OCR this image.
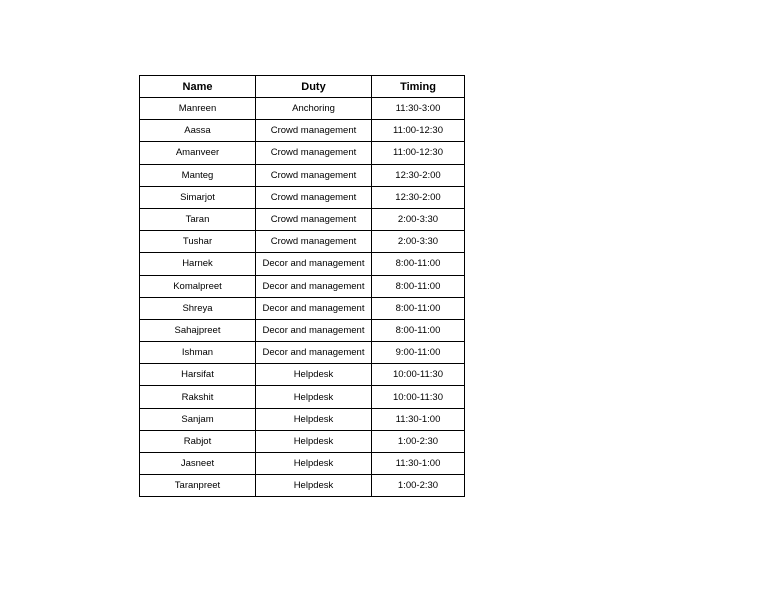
Name	Duty	Timing
Manreen	Anchoring	11:30-3:00
Aassa	Crowd management	11:00-12:30
Amanveer	Crowd management	11:00-12:30
Manteg	Crowd management	12:30-2:00
Simarjot	Crowd management	12:30-2:00
Taran	Crowd management	2:00-3:30
Tushar	Crowd management	2:00-3:30
Harnek	Decor and management	8:00-11:00
Komalpreet	Decor and management	8:00-11:00
Shreya	Decor and management	8:00-11:00
Sahajpreet	Decor and management	8:00-11:00
Ishman	Decor and management	9:00-11:00
Harsifat	Helpdesk	10:00-11:30
Rakshit	Helpdesk	10:00-11:30
Sanjam	Helpdesk	11:30-1:00
Rabjot	Helpdesk	1:00-2:30
Jasneet	Helpdesk	11:30-1:00
Taranpreet	Helpdesk	1:00-2:30
